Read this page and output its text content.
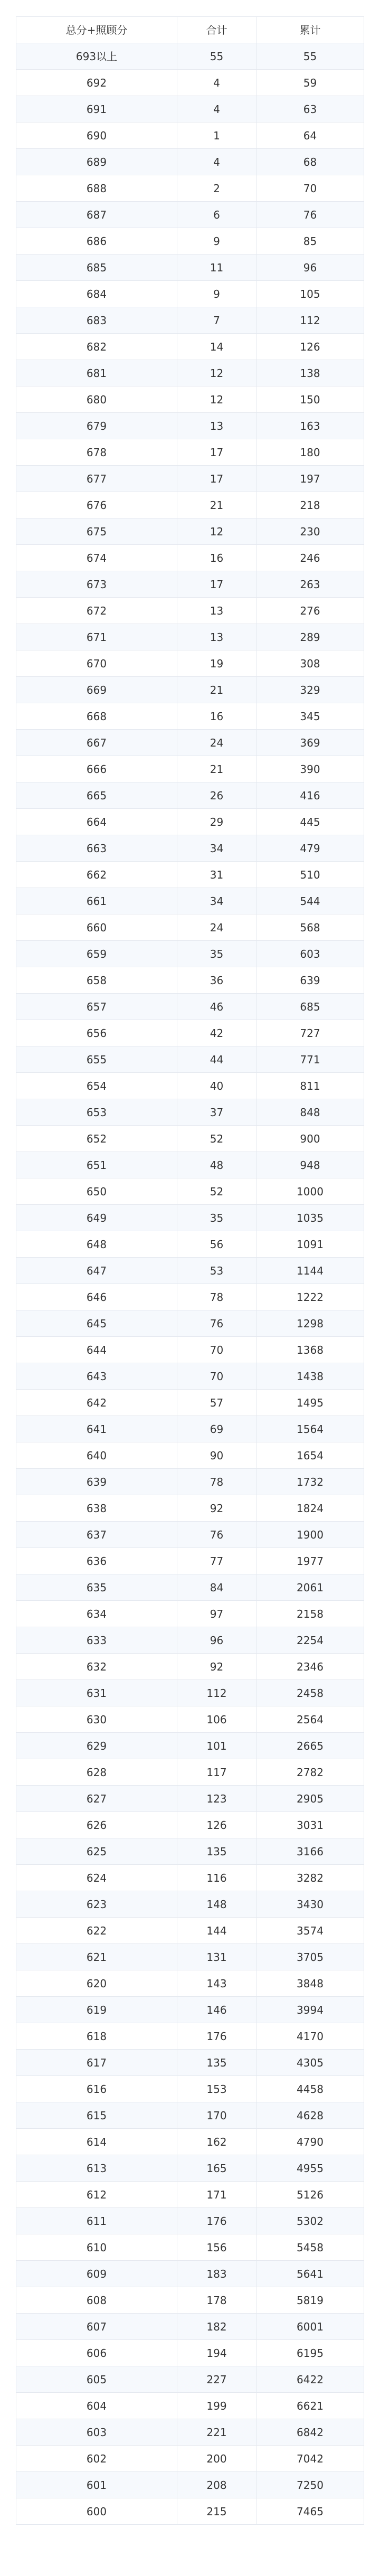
总分+照顾分	合计	累计
693以上	55	55
692	4	59
691	4	63
690	1	64
689	4	68
688	2	70
687	6	76
686	9	85
685	11	96
684	9	105
683	7	112
682	14	126
681	12	138
680	12	150
679	13	163
678	17	180
677	17	197
676	21	218
675	12	230
674	16	246
673	17	263
672	13	276
671	13	289
670	19	308
669	21	329
668	16	345
667	24	369
666	21	390
665	26	416
664	29	445
663	34	479
662	31	510
661	34	544
660	24	568
659	35	603
658	36	639
657	46	685
656	42	727
655	44	771
654	40	811
653	37	848
652	52	900
651	48	948
650	52	1000
649	35	1035
648	56	1091
647	53	1144
646	78	1222
645	76	1298
644	70	1368
643	70	1438
642	57	1495
641	69	1564
640	90	1654
639	78	1732
638	92	1824
637	76	1900
636	77	1977
635	84	2061
634	97	2158
633	96	2254
632	92	2346
631	112	2458
630	106	2564
629	101	2665
628	117	2782
627	123	2905
626	126	3031
625	135	3166
624	116	3282
623	148	3430
622	144	3574
621	131	3705
620	143	3848
619	146	3994
618	176	4170
617	135	4305
616	153	4458
615	170	4628
614	162	4790
613	165	4955
612	171	5126
611	176	5302
610	156	5458
609	183	5641
608	178	5819
607	182	6001
606	194	6195
605	227	6422
604	199	6621
603	221	6842
602	200	7042
601	208	7250
600	215	7465
